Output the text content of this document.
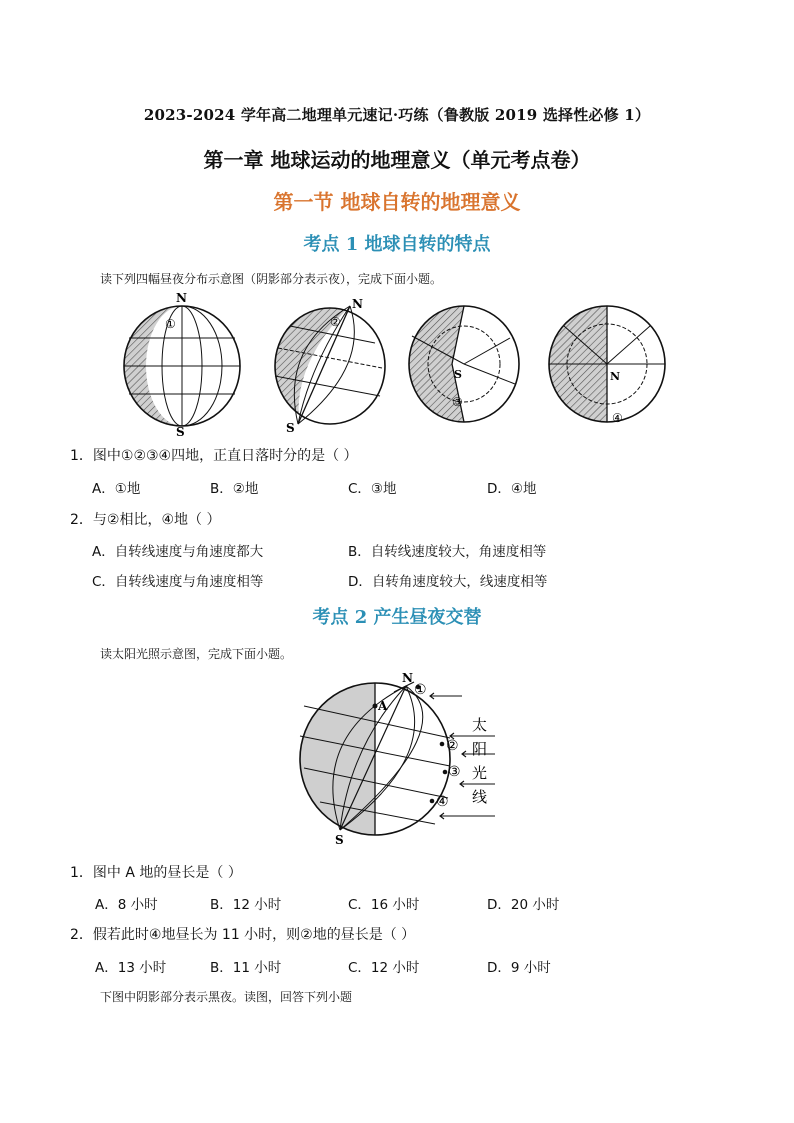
2023-2024 学年高二地理单元速记·巧练（鲁教版 2019 选择性必修 1）
第一章 地球运动的地理意义（单元考点卷）
第一节 地球自转的地理意义
考点 1 地球自转的特点
读下列四幅昼夜分布示意图（阴影部分表示夜），完成下面小题。
N
S
①
N
S
②
S
③
N
④
1．图中①②③④四地，正直日落时分的是（ ）
A．①地	B．②地	C．③地	D．④地
2．与②相比，④地（ ）
A．自转线速度与角速度都大	B．自转线速度较大，角速度相等
C．自转线速度与角速度相等	D．自转角速度较大，线速度相等
考点 2 产生昼夜交替
读太阳光照示意图，完成下面小题。
N
S
A
①
②
③
④
太
阳
光
线
1．图中 A 地的昼长是（ ）
A．8 小时	B．12 小时	C．16 小时	D．20 小时
2．假若此时④地昼长为 11 小时，则②地的昼长是（ ）
A．13 小时	B．11 小时	C．12 小时	D．9 小时
下图中阴影部分表示黑夜。读图，回答下列小题
